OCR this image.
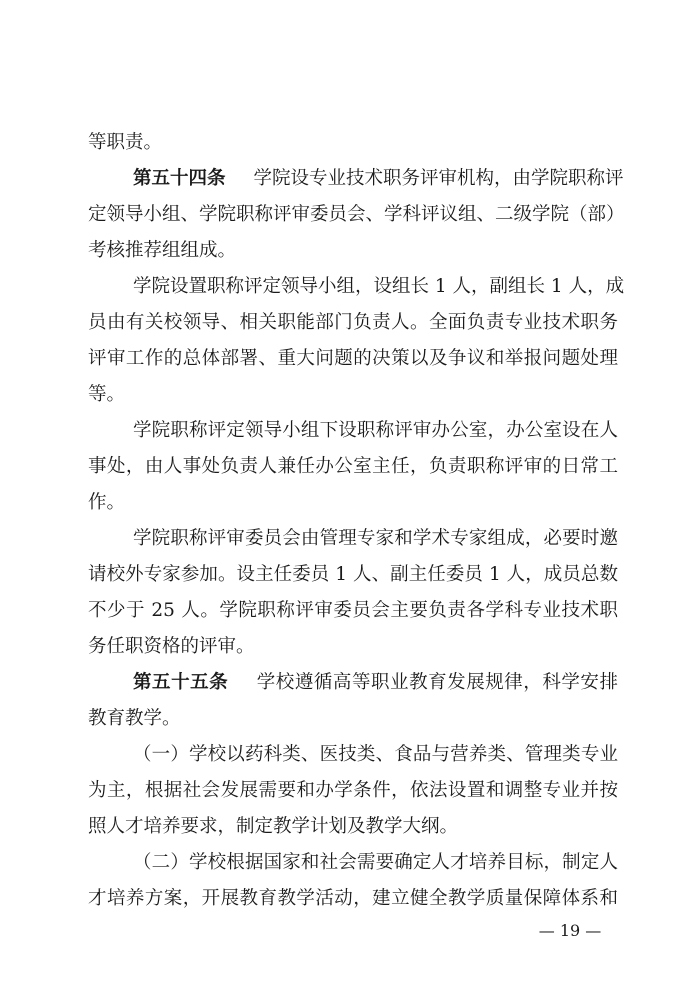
等职责。
第五十四条 学院设专业技术职务评审机构，由学院职称评
定领导小组、学院职称评审委员会、学科评议组、二级学院（部）
考核推荐组组成。
学院设置职称评定领导小组，设组长 1 人，副组长 1 人，成
员由有关校领导、相关职能部门负责人。全面负责专业技术职务
评审工作的总体部署、重大问题的决策以及争议和举报问题处理
等。
学院职称评定领导小组下设职称评审办公室，办公室设在人
事处，由人事处负责人兼任办公室主任，负责职称评审的日常工
作。
学院职称评审委员会由管理专家和学术专家组成，必要时邀
请校外专家参加。设主任委员 1 人、副主任委员 1 人，成员总数
不少于 25 人。学院职称评审委员会主要负责各学科专业技术职
务任职资格的评审。
第五十五条 学校遵循高等职业教育发展规律，科学安排
教育教学。
（一）学校以药科类、医技类、食品与营养类、管理类专业
为主，根据社会发展需要和办学条件，依法设置和调整专业并按
照人才培养要求，制定教学计划及教学大纲。
（二）学校根据国家和社会需要确定人才培养目标，制定人
才培养方案，开展教育教学活动，建立健全教学质量保障体系和
— 19 —
